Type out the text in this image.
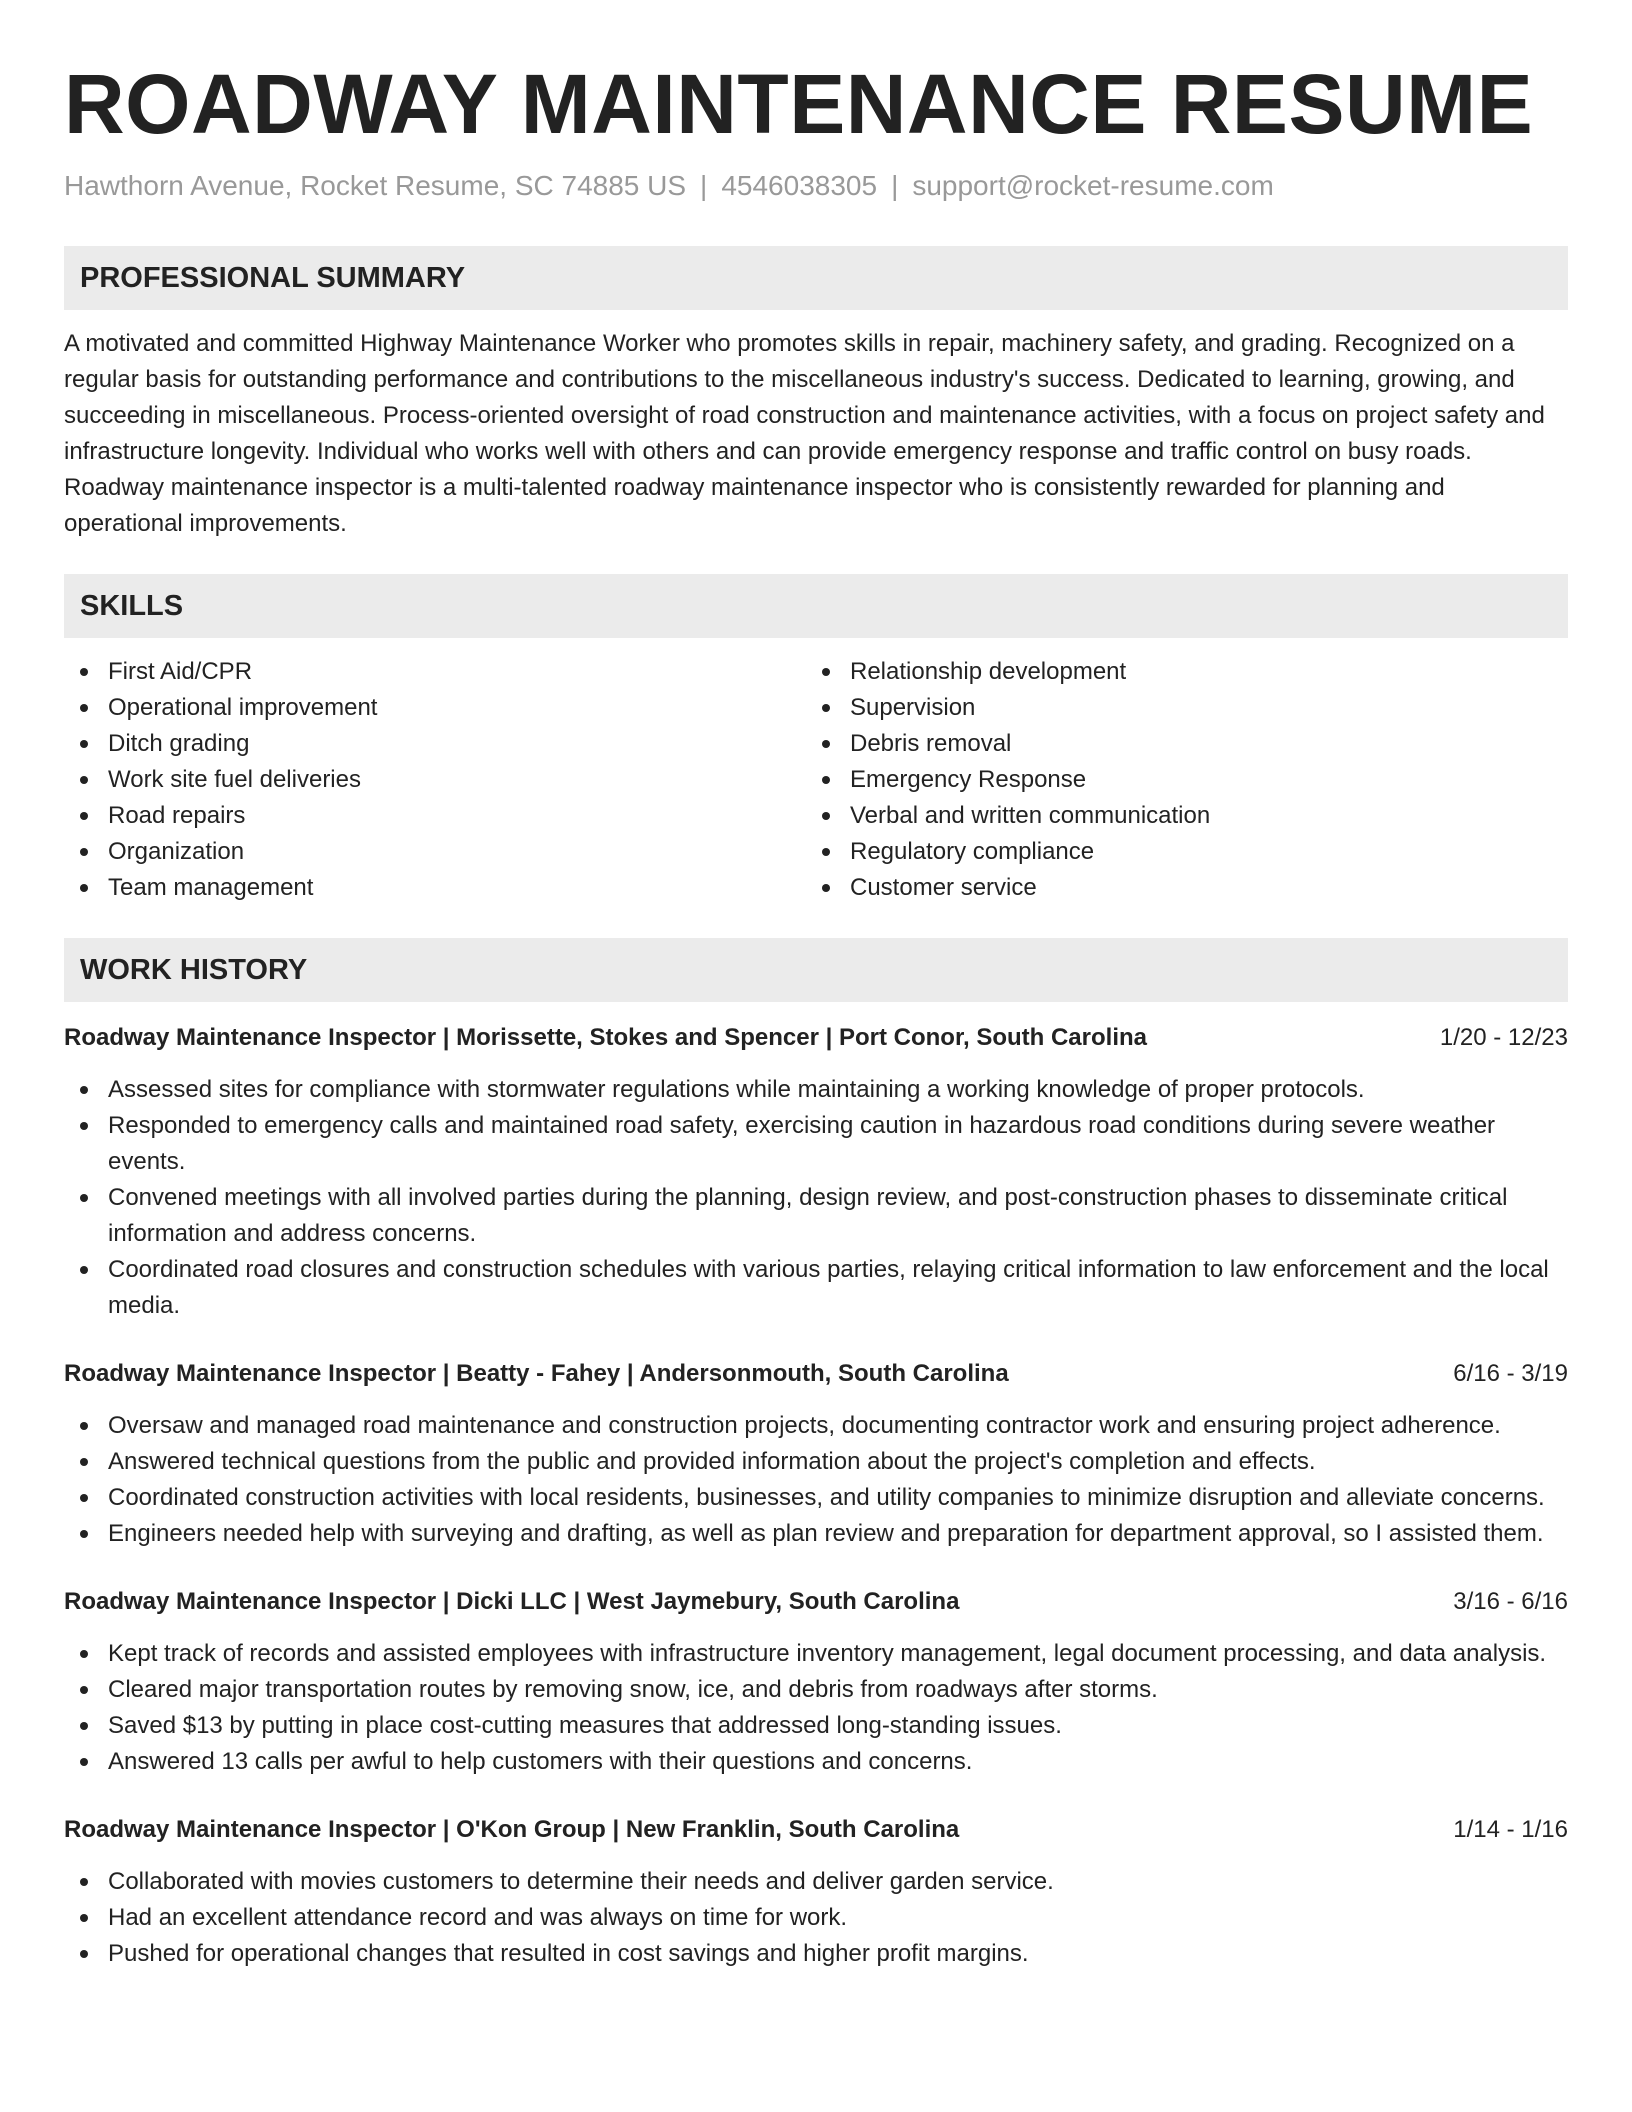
ROADWAY MAINTENANCE RESUME
Hawthorn Avenue, Rocket Resume, SC 74885 US | 4546038305 | support@rocket-resume.com
PROFESSIONAL SUMMARY

A motivated and committed Highway Maintenance Worker who promotes skills in repair, machinery safety, and grading. Recognized on a regular basis for outstanding performance and contributions to the miscellaneous industry's success. Dedicated to learning, growing, and succeeding in miscellaneous. Process-oriented oversight of road construction and maintenance activities, with a focus on project safety and infrastructure longevity. Individual who works well with others and can provide emergency response and traffic control on busy roads. Roadway maintenance inspector is a multi-talented roadway maintenance inspector who is consistently rewarded for planning and operational improvements.

SKILLS
First Aid/CPR
Operational improvement
Ditch grading
Work site fuel deliveries
Road repairs
Organization
Team management
Relationship development
Supervision
Debris removal
Emergency Response
Verbal and written communication
Regulatory compliance
Customer service
WORK HISTORY
Roadway Maintenance Inspector | Morissette, Stokes and Spencer | Port Conor, South Carolina	1/20 - 12/23
Assessed sites for compliance with stormwater regulations while maintaining a working knowledge of proper protocols.
Responded to emergency calls and maintained road safety, exercising caution in hazardous road conditions during severe weather events.
Convened meetings with all involved parties during the planning, design review, and post-construction phases to disseminate critical information and address concerns.
Coordinated road closures and construction schedules with various parties, relaying critical information to law enforcement and the local media.
Roadway Maintenance Inspector | Beatty - Fahey | Andersonmouth, South Carolina	6/16 - 3/19
Oversaw and managed road maintenance and construction projects, documenting contractor work and ensuring project adherence.
Answered technical questions from the public and provided information about the project's completion and effects.
Coordinated construction activities with local residents, businesses, and utility companies to minimize disruption and alleviate concerns.
Engineers needed help with surveying and drafting, as well as plan review and preparation for department approval, so I assisted them.
Roadway Maintenance Inspector | Dicki LLC | West Jaymebury, South Carolina	3/16 - 6/16
Kept track of records and assisted employees with infrastructure inventory management, legal document processing, and data analysis.
Cleared major transportation routes by removing snow, ice, and debris from roadways after storms.
Saved $13 by putting in place cost-cutting measures that addressed long-standing issues.
Answered 13 calls per awful to help customers with their questions and concerns.
Roadway Maintenance Inspector | O'Kon Group | New Franklin, South Carolina	1/14 - 1/16
Collaborated with movies customers to determine their needs and deliver garden service.
Had an excellent attendance record and was always on time for work.
Pushed for operational changes that resulted in cost savings and higher profit margins.
